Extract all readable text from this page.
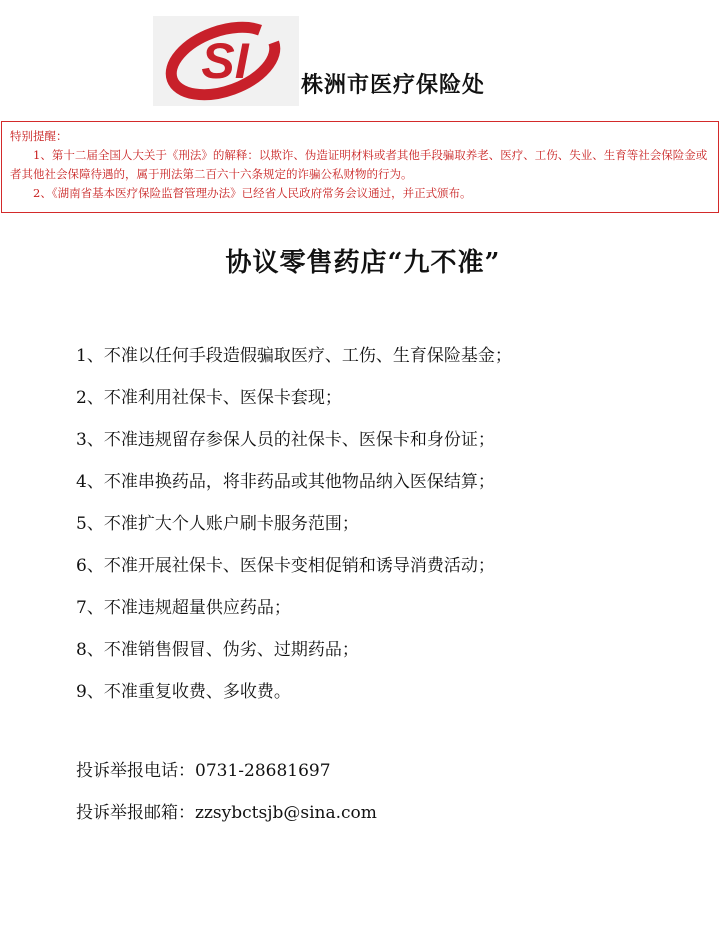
SI 株洲市医疗保险处
特别提醒：
1、第十二届全国人大关于《刑法》的解释：以欺诈、伪造证明材料或者其他手段骗取养老、医疗、工伤、失业、生育等社会保险金或者其他社会保障待遇的，属于刑法第二百六十六条规定的诈骗公私财物的行为。
2、《湖南省基本医疗保险监督管理办法》已经省人民政府常务会议通过，并正式颁布。
协议零售药店“九不准”
1、不准以任何手段造假骗取医疗、工伤、生育保险基金；
2、不准利用社保卡、医保卡套现；
3、不准违规留存参保人员的社保卡、医保卡和身份证；
4、不准串换药品，将非药品或其他物品纳入医保结算；
5、不准扩大个人账户刷卡服务范围；
6、不准开展社保卡、医保卡变相促销和诱导消费活动；
7、不准违规超量供应药品；
8、不准销售假冒、伪劣、过期药品；
9、不准重复收费、多收费。
投诉举报电话：0731-28681697
投诉举报邮箱：zzsybctsjb@sina.com
